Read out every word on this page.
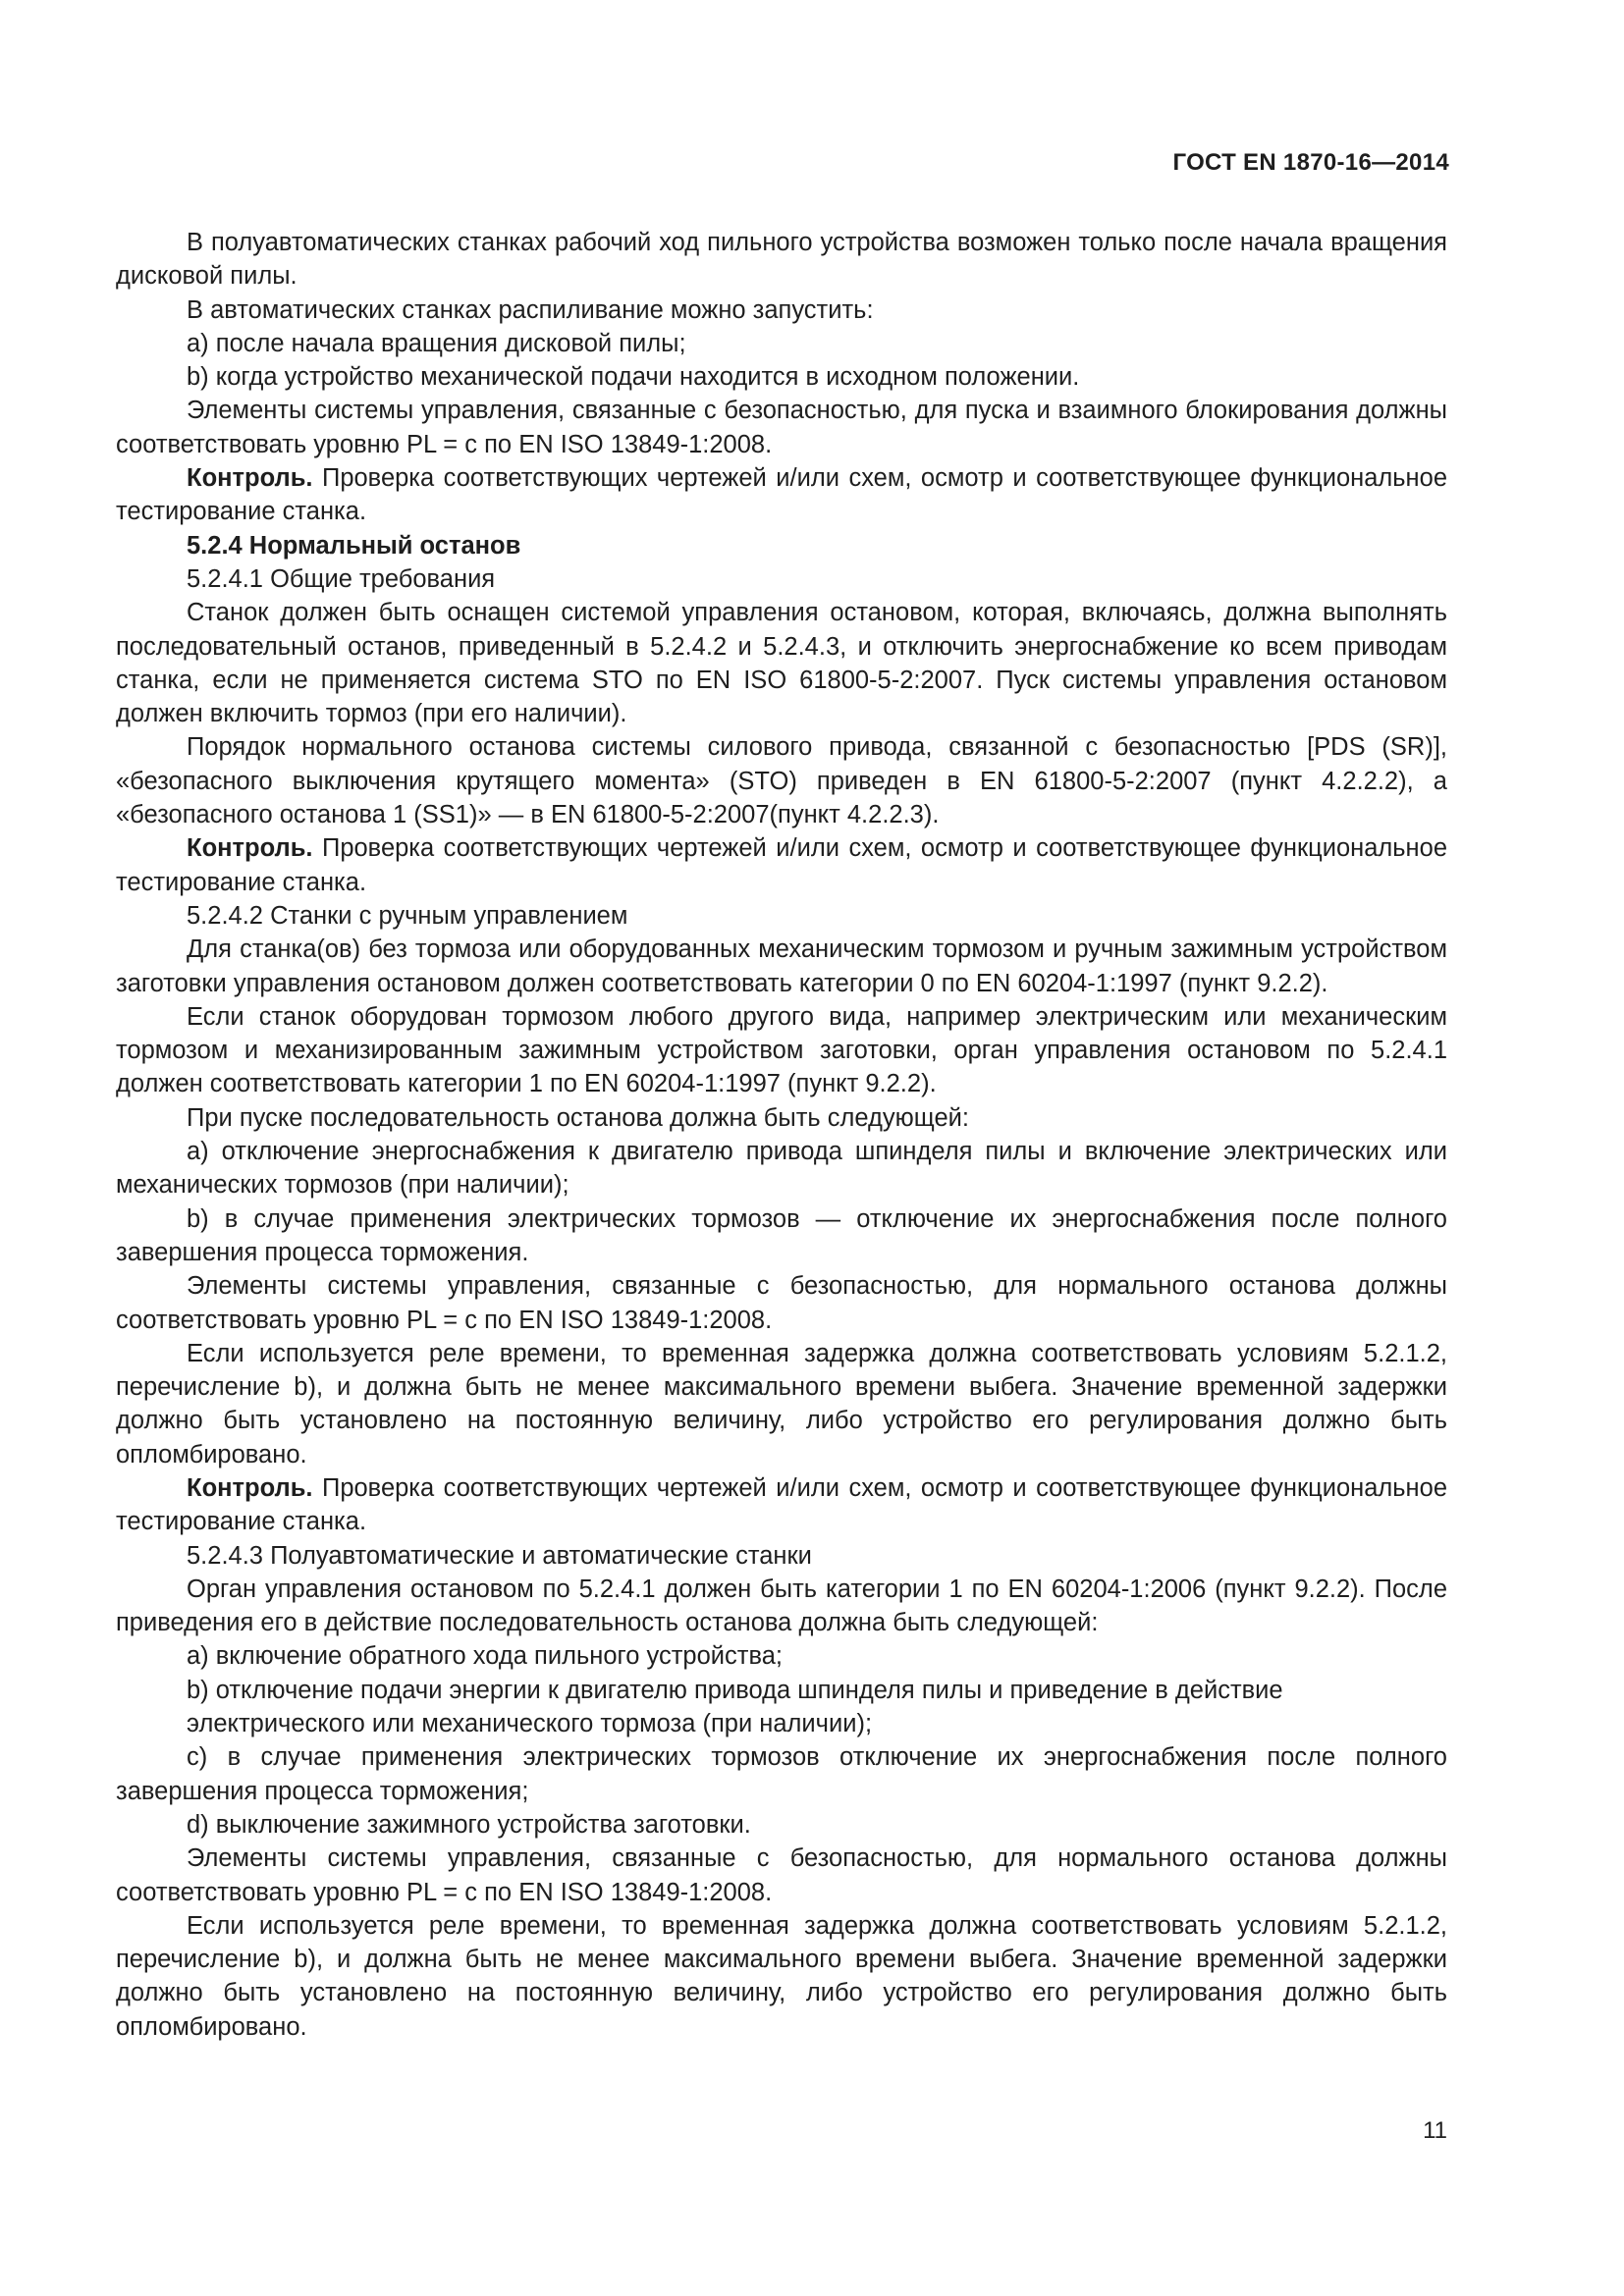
ГОСТ EN 1870-16—2014

В полуавтоматических станках рабочий ход пильного устройства возможен только после начала вращения дисковой пилы.

В автоматических станках распиливание можно запустить:

a) после начала вращения дисковой пилы;

b) когда устройство механической подачи находится в исходном положении.

Элементы системы управления, связанные с безопасностью, для пуска и взаимного блокирования должны соответствовать уровню PL = c по EN ISO 13849-1:2008.

Контроль. Проверка соответствующих чертежей и/или схем, осмотр и соответствующее функциональное тестирование станка.

5.2.4 Нормальный останов

5.2.4.1 Общие требования

Станок должен быть оснащен системой управления остановом, которая, включаясь, должна выполнять последовательный останов, приведенный в 5.2.4.2 и 5.2.4.3, и отключить энергоснабжение ко всем приводам станка, если не применяется система STO по EN ISO 61800-5-2:2007. Пуск системы управления остановом должен включить тормоз (при его наличии).

Порядок нормального останова системы силового привода, связанной с безопасностью [PDS (SR)], «безопасного выключения крутящего момента» (STO) приведен в EN 61800-5-2:2007 (пункт 4.2.2.2), а «безопасного останова 1 (SS1)» — в EN 61800-5-2:2007(пункт 4.2.2.3).

Контроль. Проверка соответствующих чертежей и/или схем, осмотр и соответствующее функциональное тестирование станка.

5.2.4.2 Станки с ручным управлением

Для станка(ов) без тормоза или оборудованных механическим тормозом и ручным зажимным устройством заготовки управления остановом должен соответствовать категории 0 по EN 60204-1:1997 (пункт 9.2.2).

Если станок оборудован тормозом любого другого вида, например электрическим или механическим тормозом и механизированным зажимным устройством заготовки, орган управления остановом по 5.2.4.1 должен соответствовать категории 1 по EN 60204-1:1997 (пункт 9.2.2).

При пуске последовательность останова должна быть следующей:

a) отключение энергоснабжения к двигателю привода шпинделя пилы и включение электрических или механических тормозов (при наличии);

b) в случае применения электрических тормозов — отключение их энергоснабжения после полного завершения процесса торможения.

Элементы системы управления, связанные с безопасностью, для нормального останова должны соответствовать уровню PL = c по EN ISO 13849-1:2008.

Если используется реле времени, то временная задержка должна соответствовать условиям 5.2.1.2, перечисление b), и должна быть не менее максимального времени выбега. Значение временной задержки должно быть установлено на постоянную величину, либо устройство его регулирования должно быть опломбировано.

Контроль. Проверка соответствующих чертежей и/или схем, осмотр и соответствующее функциональное тестирование станка.

5.2.4.3 Полуавтоматические и автоматические станки

Орган управления остановом по 5.2.4.1 должен быть категории 1 по EN 60204-1:2006 (пункт 9.2.2). После приведения его в действие последовательность останова должна быть следующей:

a) включение обратного хода пильного устройства;

b) отключение подачи энергии к двигателю привода шпинделя пилы и приведение в действие электрического или механического тормоза (при наличии);

c) в случае применения электрических тормозов отключение их энергоснабжения после полного завершения процесса торможения;

d) выключение зажимного устройства заготовки.

Элементы системы управления, связанные с безопасностью, для нормального останова должны соответствовать уровню PL = c по EN ISO 13849-1:2008.

Если используется реле времени, то временная задержка должна соответствовать условиям 5.2.1.2, перечисление b), и должна быть не менее максимального времени выбега. Значение временной задержки должно быть установлено на постоянную величину, либо устройство его регулирования должно быть опломбировано.

11
